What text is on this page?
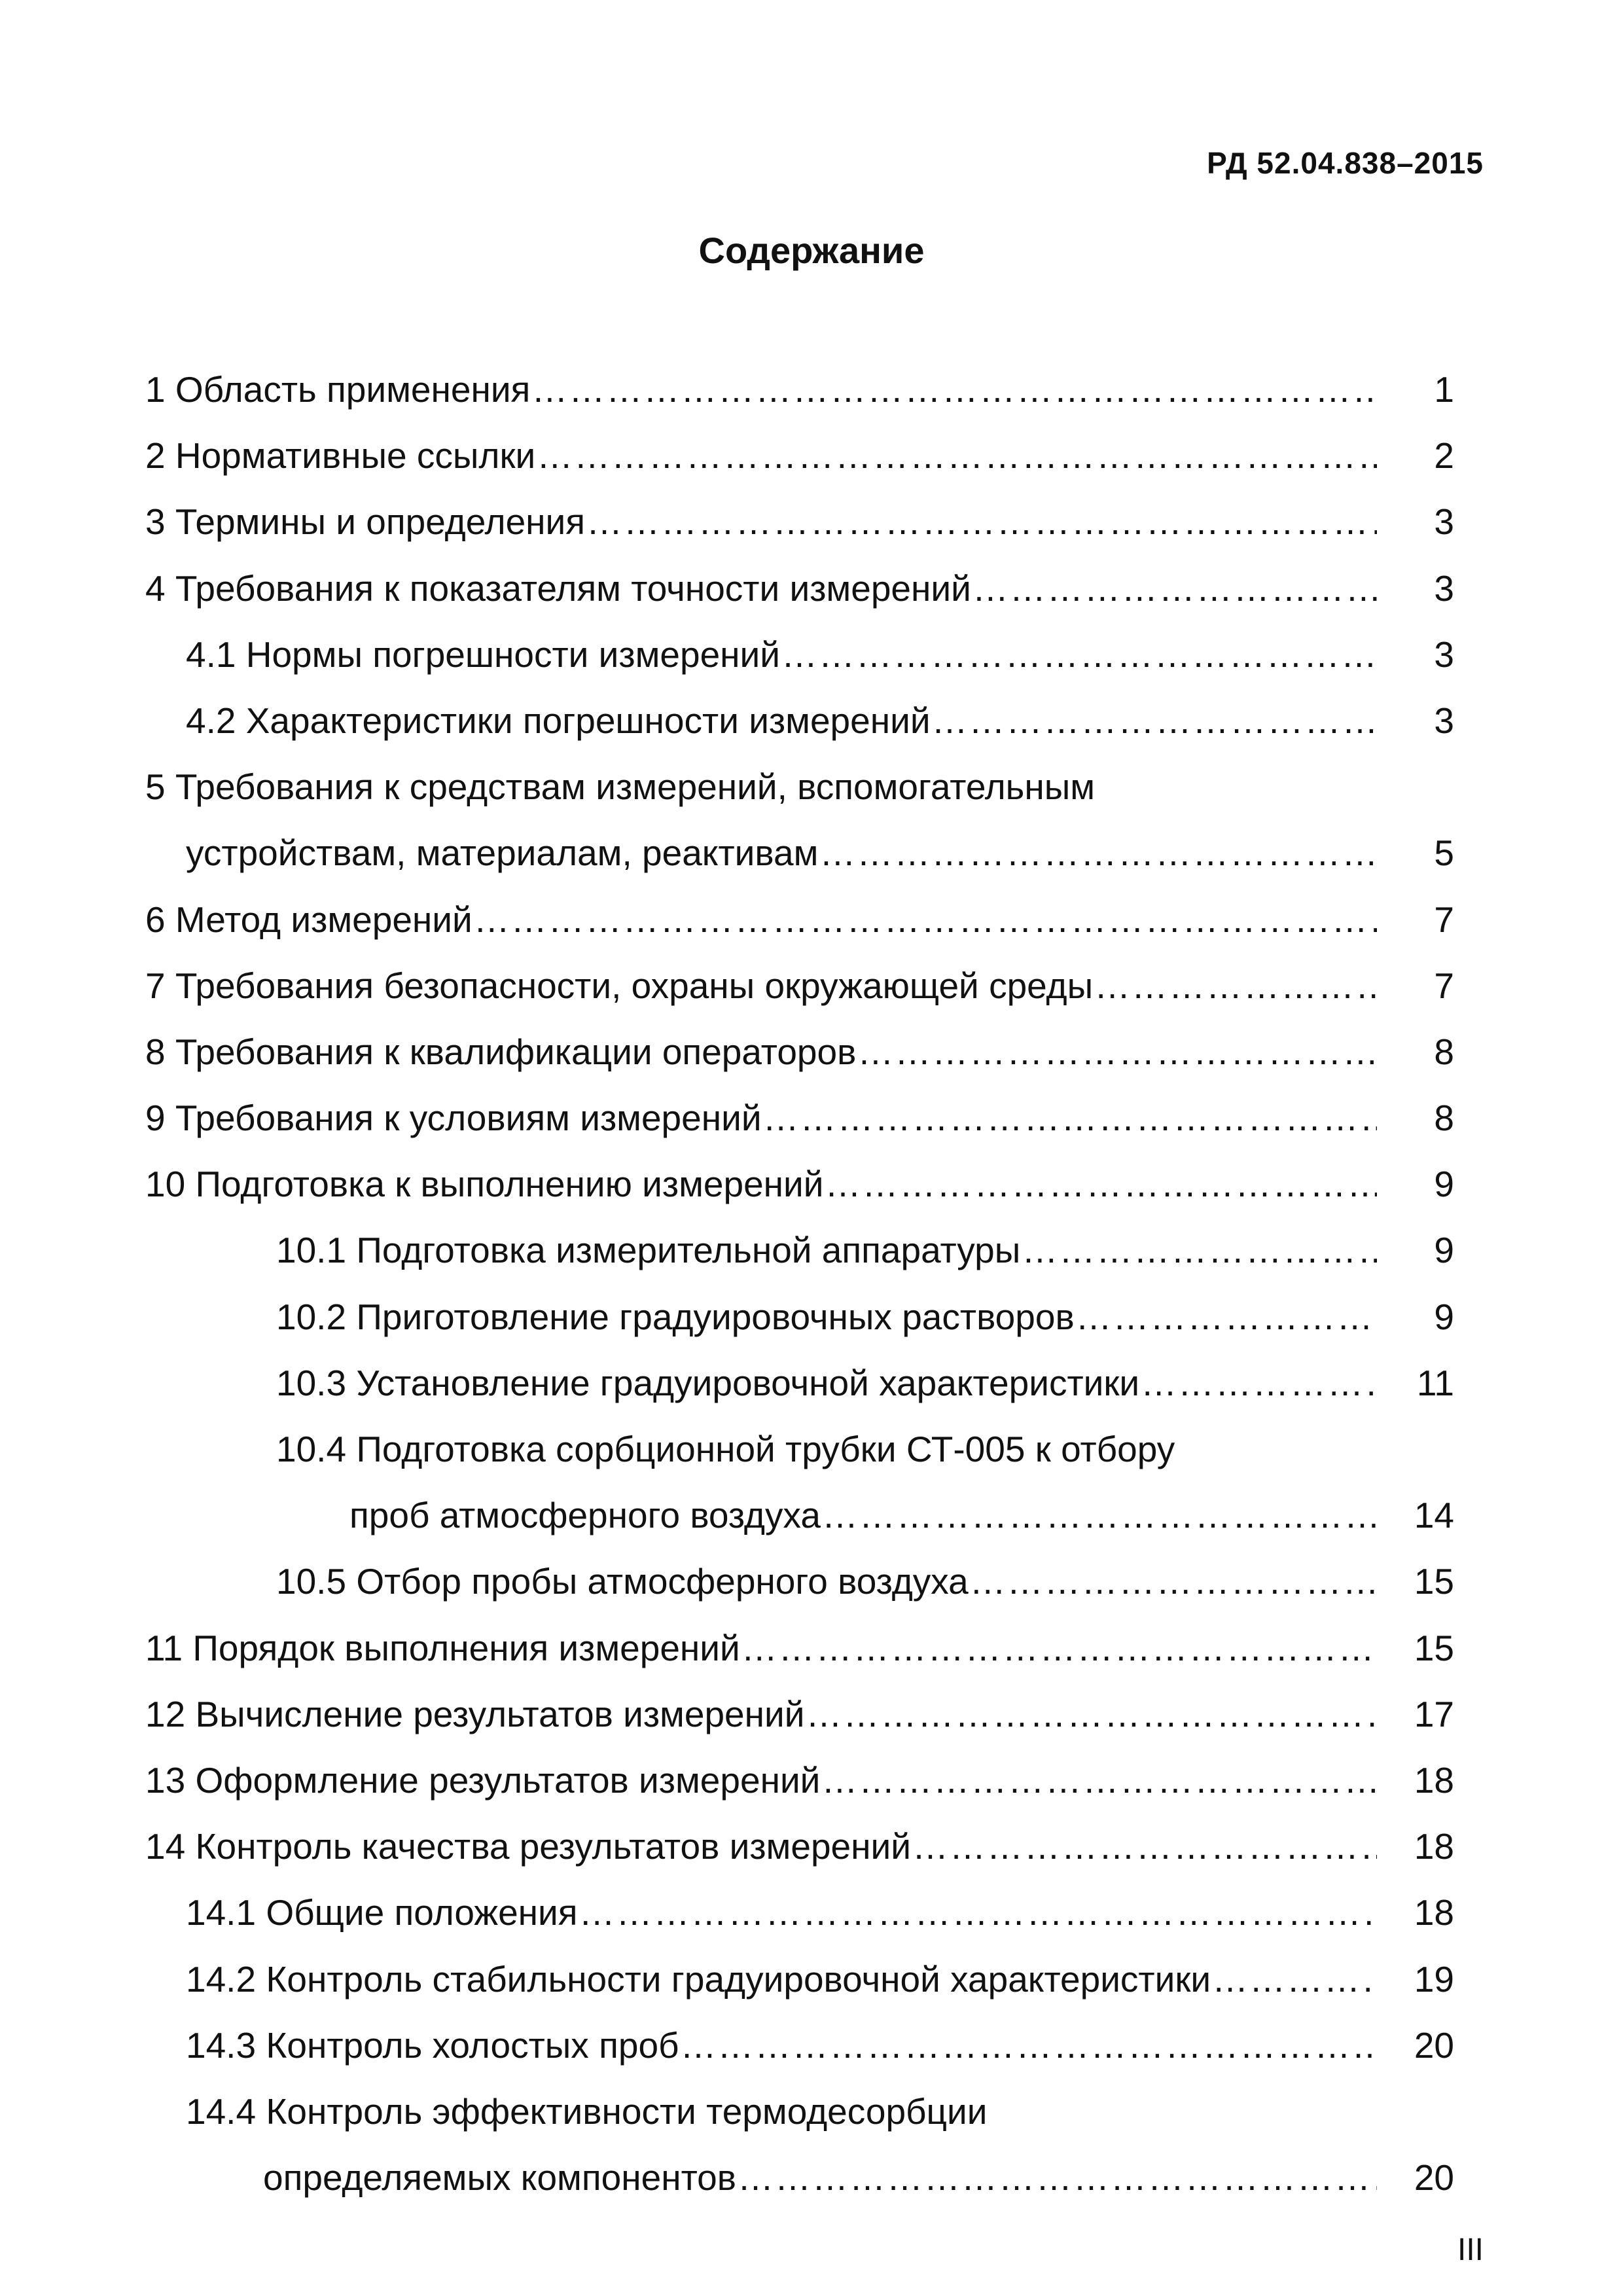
РД 52.04.838–2015
Содержание
1 Область применения ……………………………………………………………………………………………………………………………………………………………………………	1
2 Нормативные ссылки ……………………………………………………………………………………………………………………………………………………………………………	2
3 Термины и определения ……………………………………………………………………………………………………………………………………………………………………………	3
4 Требования к показателям точности измерений ……………………………………………………………………………………………………………………………………………………………………………	3
4.1 Нормы погрешности измерений ……………………………………………………………………………………………………………………………………………………………………………	3
4.2 Характеристики погрешности измерений ……………………………………………………………………………………………………………………………………………………………………………	3
5 Требования к средствам измерений, вспомогательным
устройствам, материалам, реактивам ……………………………………………………………………………………………………………………………………………………………………………	5
6 Метод измерений ……………………………………………………………………………………………………………………………………………………………………………	7
7 Требования безопасности, охраны окружающей среды ……………………………………………………………………………………………………………………………………………………………………………	7
8 Требования к квалификации операторов ……………………………………………………………………………………………………………………………………………………………………………	8
9 Требования к условиям измерений ……………………………………………………………………………………………………………………………………………………………………………	8
10 Подготовка к выполнению измерений ……………………………………………………………………………………………………………………………………………………………………………	9
10.1 Подготовка измерительной аппаратуры ……………………………………………………………………………………………………………………………………………………………………………	9
10.2 Приготовление градуировочных растворов ……………………………………………………………………………………………………………………………………………………………………………	9
10.3 Установление градуировочной характеристики ……………………………………………………………………………………………………………………………………………………………………………	11
10.4 Подготовка сорбционной трубки СТ-005 к отбору
проб атмосферного воздуха ……………………………………………………………………………………………………………………………………………………………………………	14
10.5 Отбор пробы атмосферного воздуха ……………………………………………………………………………………………………………………………………………………………………………	15
11 Порядок выполнения измерений ……………………………………………………………………………………………………………………………………………………………………………	15
12 Вычисление результатов измерений ……………………………………………………………………………………………………………………………………………………………………………	17
13 Оформление результатов измерений ……………………………………………………………………………………………………………………………………………………………………………	18
14 Контроль качества результатов измерений ……………………………………………………………………………………………………………………………………………………………………………	18
14.1 Общие положения ……………………………………………………………………………………………………………………………………………………………………………	18
14.2 Контроль стабильности градуировочной характеристики ……………………………………………………………………………………………………………………………………………………………………………	19
14.3 Контроль холостых проб ……………………………………………………………………………………………………………………………………………………………………………	20
14.4 Контроль эффективности термодесорбции
определяемых компонентов ……………………………………………………………………………………………………………………………………………………………………………	20
III
